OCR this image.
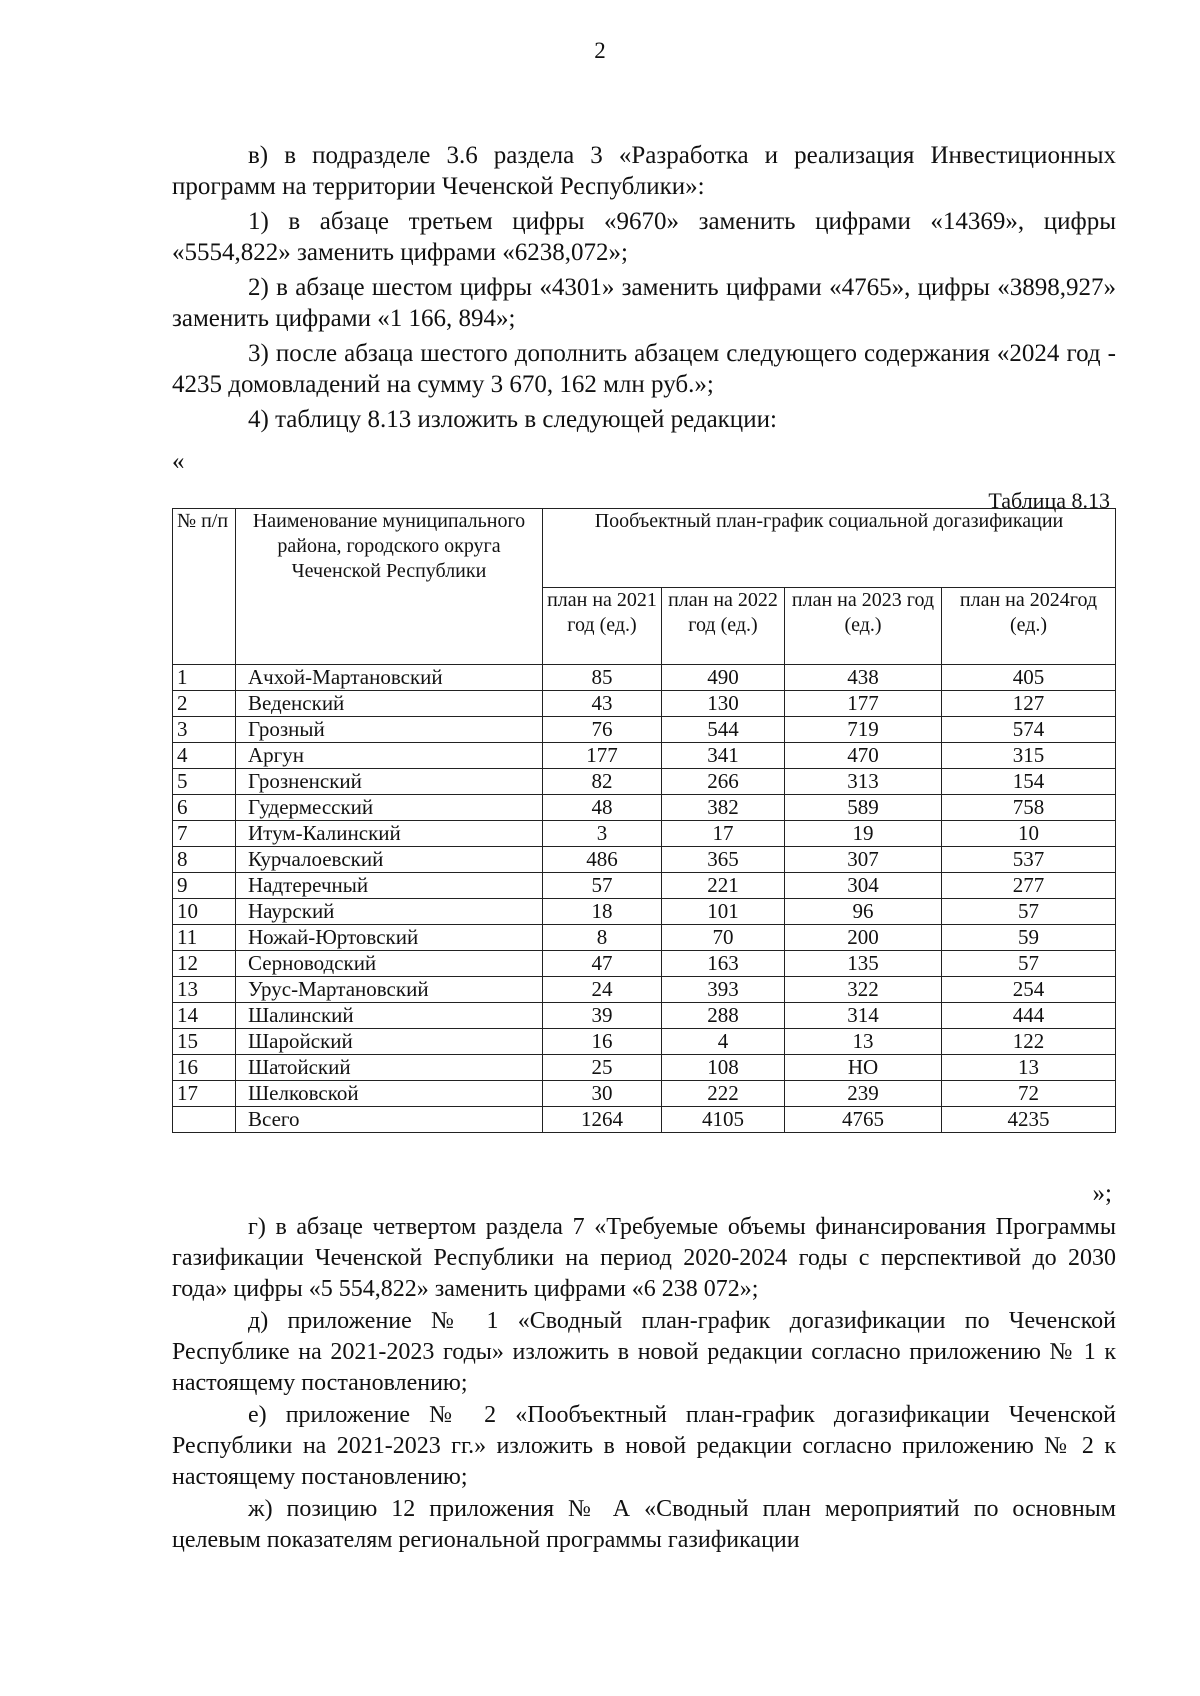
2

в) в подразделе 3.6 раздела 3 «Разработка и реализация Инвестиционных программ на территории Чеченской Республики»:

1) в абзаце третьем цифры «9670» заменить цифрами «14369», цифры «5554,822» заменить цифрами «6238,072»;

2) в абзаце шестом цифры «4301» заменить цифрами «4765», цифры «3898,927» заменить цифрами «1 166, 894»;

3) после абзаца шестого дополнить абзацем следующего содержания «2024 год - 4235 домовладений на сумму 3 670, 162 млн руб.»;

4) таблицу 8.13 изложить в следующей редакции:

«
Таблица 8.13
№ п/п	Наименование муниципального района, городского округа Чеченской Республики	Пообъектный план-график социальной догазификации			
		план на 2021 год (ед.)	план на 2022 год (ед.)	план на 2023 год (ед.)	план на 2024год (ед.)
1	Ачхой-Мартановский	85	490	438	405
2	Веденский	43	130	177	127
3	Грозный	76	544	719	574
4	Аргун	177	341	470	315
5	Грозненский	82	266	313	154
6	Гудермесский	48	382	589	758
7	Итум-Калинский	3	17	19	10
8	Курчалоевский	486	365	307	537
9	Надтеречный	57	221	304	277
10	Наурский	18	101	96	57
11	Ножай-Юртовский	8	70	200	59
12	Серноводский	47	163	135	57
13	Урус-Мартановский	24	393	322	254
14	Шалинский	39	288	314	444
15	Шаройский	16	4	13	122
16	Шатойский	25	108	НО	13
17	Шелковской	30	222	239	72
	Всего	1264	4105	4765	4235
»;

г) в абзаце четвертом раздела 7 «Требуемые объемы финансирования Программы газификации Чеченской Республики на период 2020-2024 годы с перспективой до 2030 года» цифры «5 554,822» заменить цифрами «6 238 072»;

д) приложение № 1 «Сводный план-график догазификации по Чеченской Республике на 2021-2023 годы» изложить в новой редакции согласно приложению № 1 к настоящему постановлению;

е) приложение № 2 «Пообъектный план-график догазификации Чеченской Республики на 2021-2023 гг.» изложить в новой редакции согласно приложению № 2 к настоящему постановлению;

ж) позицию 12 приложения № А «Сводный план мероприятий по основным целевым показателям региональной программы газификации
